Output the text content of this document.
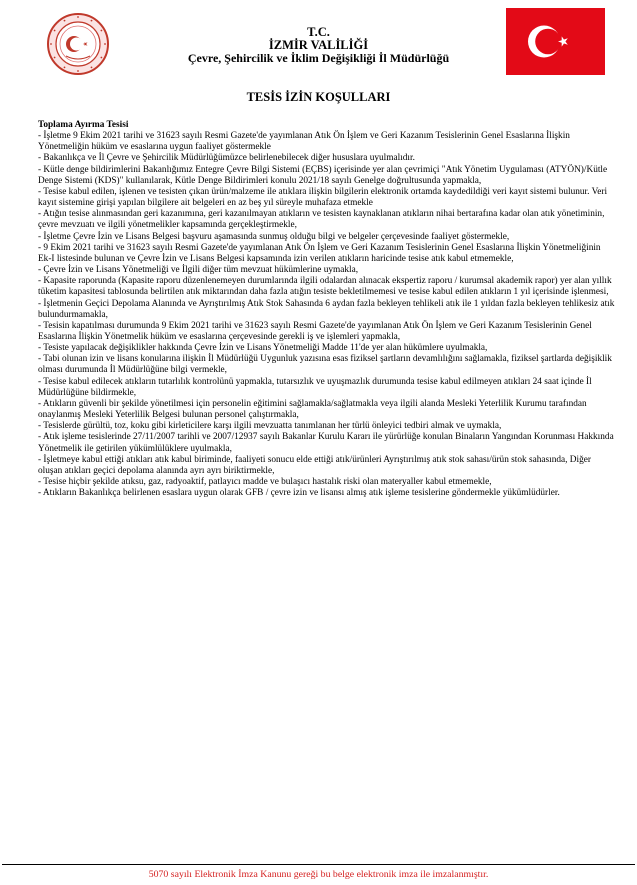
T.C.
İZMİR VALİLİĞİ
Çevre, Şehircilik ve İklim Değişikliği İl Müdürlüğü
TESİS İZİN KOŞULLARI
Toplama Ayırma Tesisi

- İşletme 9 Ekim 2021 tarihi ve 31623 sayılı Resmi Gazete'de yayımlanan Atık Ön İşlem ve Geri Kazanım Tesislerinin Genel Esaslarına İlişkin Yönetmeliğin hüküm ve esaslarına uygun faaliyet göstermekle

- Bakanlıkça ve İl Çevre ve Şehircilik Müdürlüğümüzce belirlenebilecek diğer hususlara uyulmalıdır.

- Kütle denge bildirimlerini Bakanlığımız Entegre Çevre Bilgi Sistemi (EÇBS) içerisinde yer alan çevrimiçi "Atık Yönetim Uygulaması (ATYÖN)/Kütle Denge Sistemi (KDS)" kullanılarak, Kütle Denge Bildirimleri konulu 2021/18 sayılı Genelge doğrultusunda yapmakla,

- Tesise kabul edilen, işlenen ve tesisten çıkan ürün/malzeme ile atıklara ilişkin bilgilerin elektronik ortamda kaydedildiği veri kayıt sistemi bulunur. Veri kayıt sistemine girişi yapılan bilgilere ait belgeleri en az beş yıl süreyle muhafaza etmekle

- Atığın tesise alınmasından geri kazanımına, geri kazanılmayan atıkların ve tesisten kaynaklanan atıkların nihai bertarafına kadar olan atık yönetiminin, çevre mevzuatı ve ilgili yönetmelikler kapsamında gerçekleştirmekle,

- İşletme Çevre İzin ve Lisans Belgesi başvuru aşamasında sunmuş olduğu bilgi ve belgeler çerçevesinde faaliyet göstermekle,

- 9 Ekim 2021 tarihi ve 31623 sayılı Resmi Gazete'de yayımlanan Atık Ön İşlem ve Geri Kazanım Tesislerinin Genel Esaslarına İlişkin Yönetmeliğinin Ek-I listesinde bulunan ve Çevre İzin ve Lisans Belgesi kapsamında izin verilen atıkların haricinde tesise atık kabul etmemekle,

- Çevre İzin ve Lisans Yönetmeliği ve İlgili diğer tüm mevzuat hükümlerine uymakla,

- Kapasite raporunda (Kapasite raporu düzenlenemeyen durumlarında ilgili odalardan alınacak ekspertiz raporu / kurumsal akademik rapor) yer alan yıllık tüketim kapasitesi tablosunda belirtilen atık miktarından daha fazla atığın tesiste bekletilmemesi ve tesise kabul edilen atıkların 1 yıl içerisinde işlenmesi,

- İşletmenin Geçici Depolama Alanında ve Ayrıştırılmış Atık Stok Sahasında 6 aydan fazla bekleyen tehlikeli atık ile 1 yıldan fazla bekleyen tehlikesiz atık bulundurmamakla,

- Tesisin kapatılması durumunda 9 Ekim 2021 tarihi ve 31623 sayılı Resmi Gazete'de yayımlanan Atık Ön İşlem ve Geri Kazanım Tesislerinin Genel Esaslarına İlişkin Yönetmelik hüküm ve esaslarına çerçevesinde gerekli iş ve işlemleri yapmakla,

- Tesiste yapılacak değişiklikler hakkında Çevre İzin ve Lisans Yönetmeliği Madde 11'de yer alan hükümlere uyulmakla,

- Tabi olunan izin ve lisans konularına ilişkin İl Müdürlüğü Uygunluk yazısına esas fiziksel şartların devamlılığını sağlamakla, fiziksel şartlarda değişiklik olması durumunda İl Müdürlüğüne bilgi vermekle,

- Tesise kabul edilecek atıkların tutarlılık kontrolünü yapmakla, tutarsızlık ve uyuşmazlık durumunda tesise kabul edilmeyen atıkları 24 saat içinde İl Müdürlüğüne bildirmekle,

- Atıkların güvenli bir şekilde yönetilmesi için personelin eğitimini sağlamakla/sağlatmakla veya ilgili alanda Mesleki Yeterlilik Kurumu tarafından onaylanmış Mesleki Yeterlilik Belgesi bulunan personel çalıştırmakla,

- Tesislerde gürültü, toz, koku gibi kirleticilere karşı ilgili mevzuatta tanımlanan her türlü önleyici tedbiri almak ve uymakla,

- Atık işleme tesislerinde 27/11/2007 tarihli ve 2007/12937 sayılı Bakanlar Kurulu Kararı ile yürürlüğe konulan Binaların Yangından Korunması Hakkında Yönetmelik ile getirilen yükümlülüklere uyulmakla,

- İşletmeye kabul ettiği atıkları atık kabul biriminde, faaliyeti sonucu elde ettiği atık/ürünleri Ayrıştırılmış atık stok sahası/ürün stok sahasında, Diğer oluşan atıkları geçici depolama alanında ayrı ayrı biriktirmekle,

- Tesise hiçbir şekilde atıksu, gaz, radyoaktif, patlayıcı madde ve bulaşıcı hastalık riski olan materyaller kabul etmemekle,

- Atıkların Bakanlıkça belirlenen esaslara uygun olarak GFB / çevre izin ve lisansı almış atık işleme tesislerine göndermekle yükümlüdürler.

5070 sayılı Elektronik İmza Kanunu gereği bu belge elektronik imza ile imzalanmıştır.
